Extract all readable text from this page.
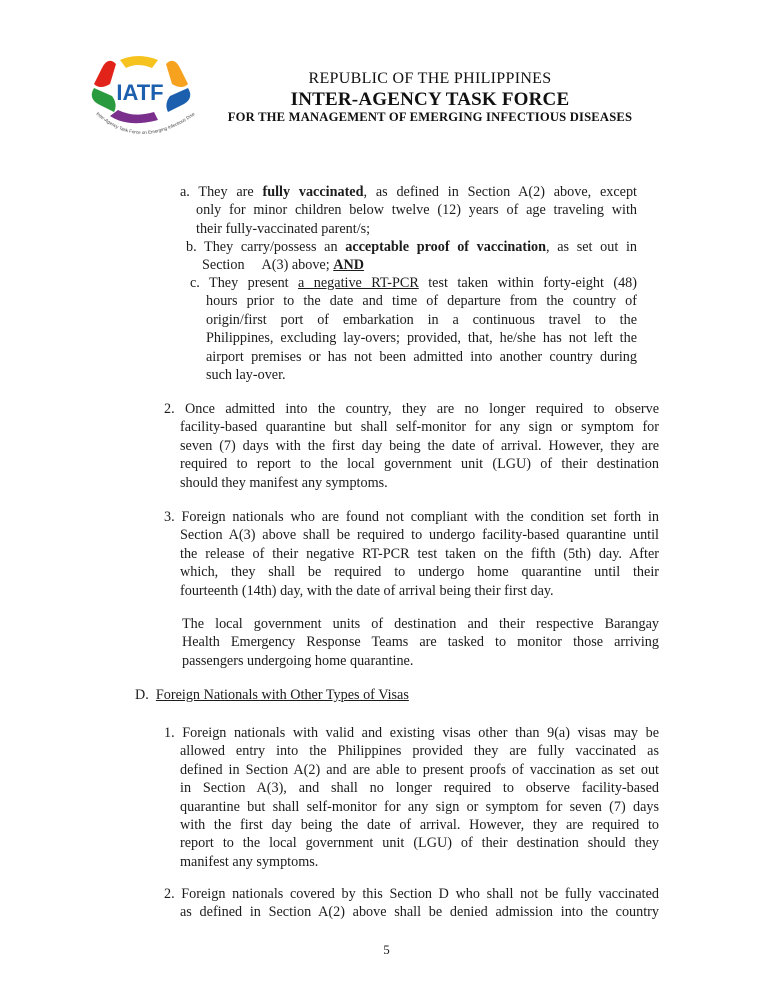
IATF
Inter-Agency Task Force on Emerging Infectious Dise
REPUBLIC OF THE PHILIPPINES
INTER-AGENCY TASK FORCE
FOR THE MANAGEMENT OF EMERGING INFECTIOUS DISEASES
a. They are fully vaccinated, as defined in Section A(2) above, except
only for minor children below twelve (12) years of age traveling with
their fully-vaccinated parent/s;
b. They carry/possess an acceptable proof of vaccination, as set out in
Section     A(3) above; AND
c. They present a negative RT-PCR test taken within forty-eight (48)
hours prior to the date and time of departure from the country of
origin/first port of embarkation in a continuous travel to the
Philippines, excluding lay-overs; provided, that, he/she has not left the
airport premises or has not been admitted into another country during
such lay-over.
2. Once admitted into the country, they are no longer required to observe
facility-based quarantine but shall self-monitor for any sign or symptom for
seven (7) days with the first day being the date of arrival. However, they are
required to report to the local government unit (LGU) of their destination
should they manifest any symptoms.
3. Foreign nationals who are found not compliant with the condition set forth in
Section A(3) above shall be required to undergo facility-based quarantine until
the release of their negative RT-PCR test taken on the fifth (5th) day. After
which, they shall be required to undergo home quarantine until their
fourteenth (14th) day, with the date of arrival being their first day.
The local government units of destination and their respective Barangay
Health Emergency Response Teams are tasked to monitor those arriving
passengers undergoing home quarantine.
D. Foreign Nationals with Other Types of Visas
1. Foreign nationals with valid and existing visas other than 9(a) visas may be
allowed entry into the Philippines provided they are fully vaccinated as
defined in Section A(2) and are able to present proofs of vaccination as set out
in Section A(3), and shall no longer required to observe facility-based
quarantine but shall self-monitor for any sign or symptom for seven (7) days
with the first day being the date of arrival. However, they are required to
report to the local government unit (LGU) of their destination should they
manifest any symptoms.
2. Foreign nationals covered by this Section D who shall not be fully vaccinated
as defined in Section A(2) above shall be denied admission into the country
5
